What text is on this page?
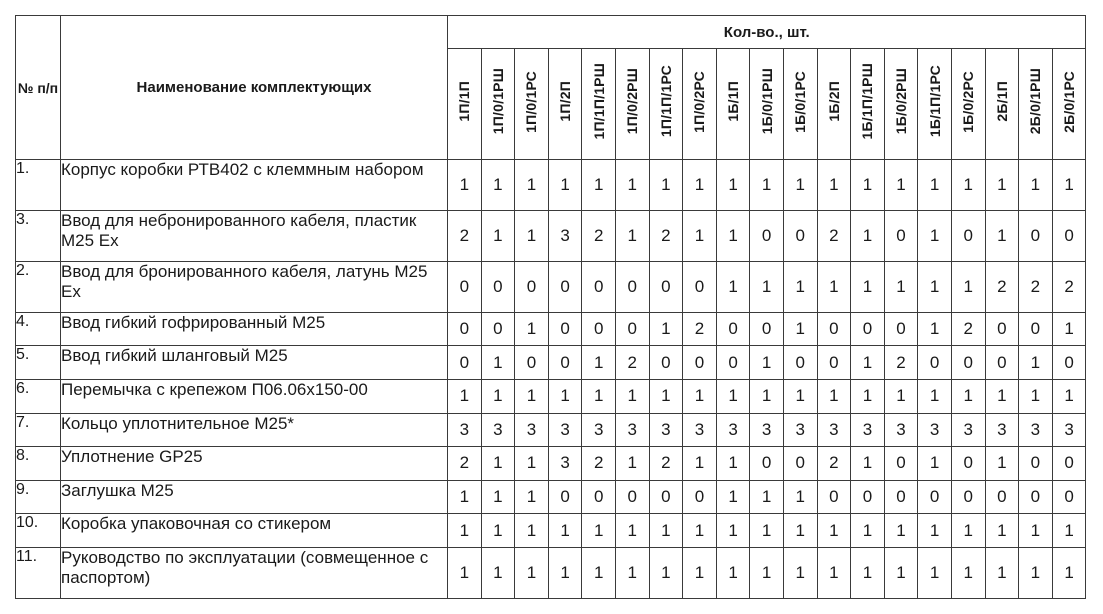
№ п/п	Наименование комплектующих	Кол-во., шт.																		
		1П/1П	1П/0/1РШ	1П/0/1РС	1П/2П	1П/1П/1РШ	1П/0/2РШ	1П/1П/1РС	1П/0/2РС	1Б/1П	1Б/0/1РШ	1Б/0/1РС	1Б/2П	1Б/1П/1РШ	1Б/0/2РШ	1Б/1П/1РС	1Б/0/2РС	2Б/1П	2Б/0/1РШ	2Б/0/1РС
1.	Корпус коробки РТВ402 с клеммным набором	1	1	1	1	1	1	1	1	1	1	1	1	1	1	1	1	1	1	1
3.	Ввод для небронированного кабеля, пластик М25 Ex	2	1	1	3	2	1	2	1	1	0	0	2	1	0	1	0	1	0	0
2.	Ввод для бронированного кабеля, латунь М25 Ex	0	0	0	0	0	0	0	0	1	1	1	1	1	1	1	1	2	2	2
4.	Ввод гибкий гофрированный М25	0	0	1	0	0	0	1	2	0	0	1	0	0	0	1	2	0	0	1
5.	Ввод гибкий шланговый М25	0	1	0	0	1	2	0	0	0	1	0	0	1	2	0	0	0	1	0
6.	Перемычка с крепежом П06.06х150-00	1	1	1	1	1	1	1	1	1	1	1	1	1	1	1	1	1	1	1
7.	Кольцо уплотнительное М25*	3	3	3	3	3	3	3	3	3	3	3	3	3	3	3	3	3	3	3
8.	Уплотнение GP25	2	1	1	3	2	1	2	1	1	0	0	2	1	0	1	0	1	0	0
9.	Заглушка М25	1	1	1	0	0	0	0	0	1	1	1	0	0	0	0	0	0	0	0
10.	Коробка упаковочная со стикером	1	1	1	1	1	1	1	1	1	1	1	1	1	1	1	1	1	1	1
11.	Руководство по эксплуатации (совмещенное с паспортом)	1	1	1	1	1	1	1	1	1	1	1	1	1	1	1	1	1	1	1
